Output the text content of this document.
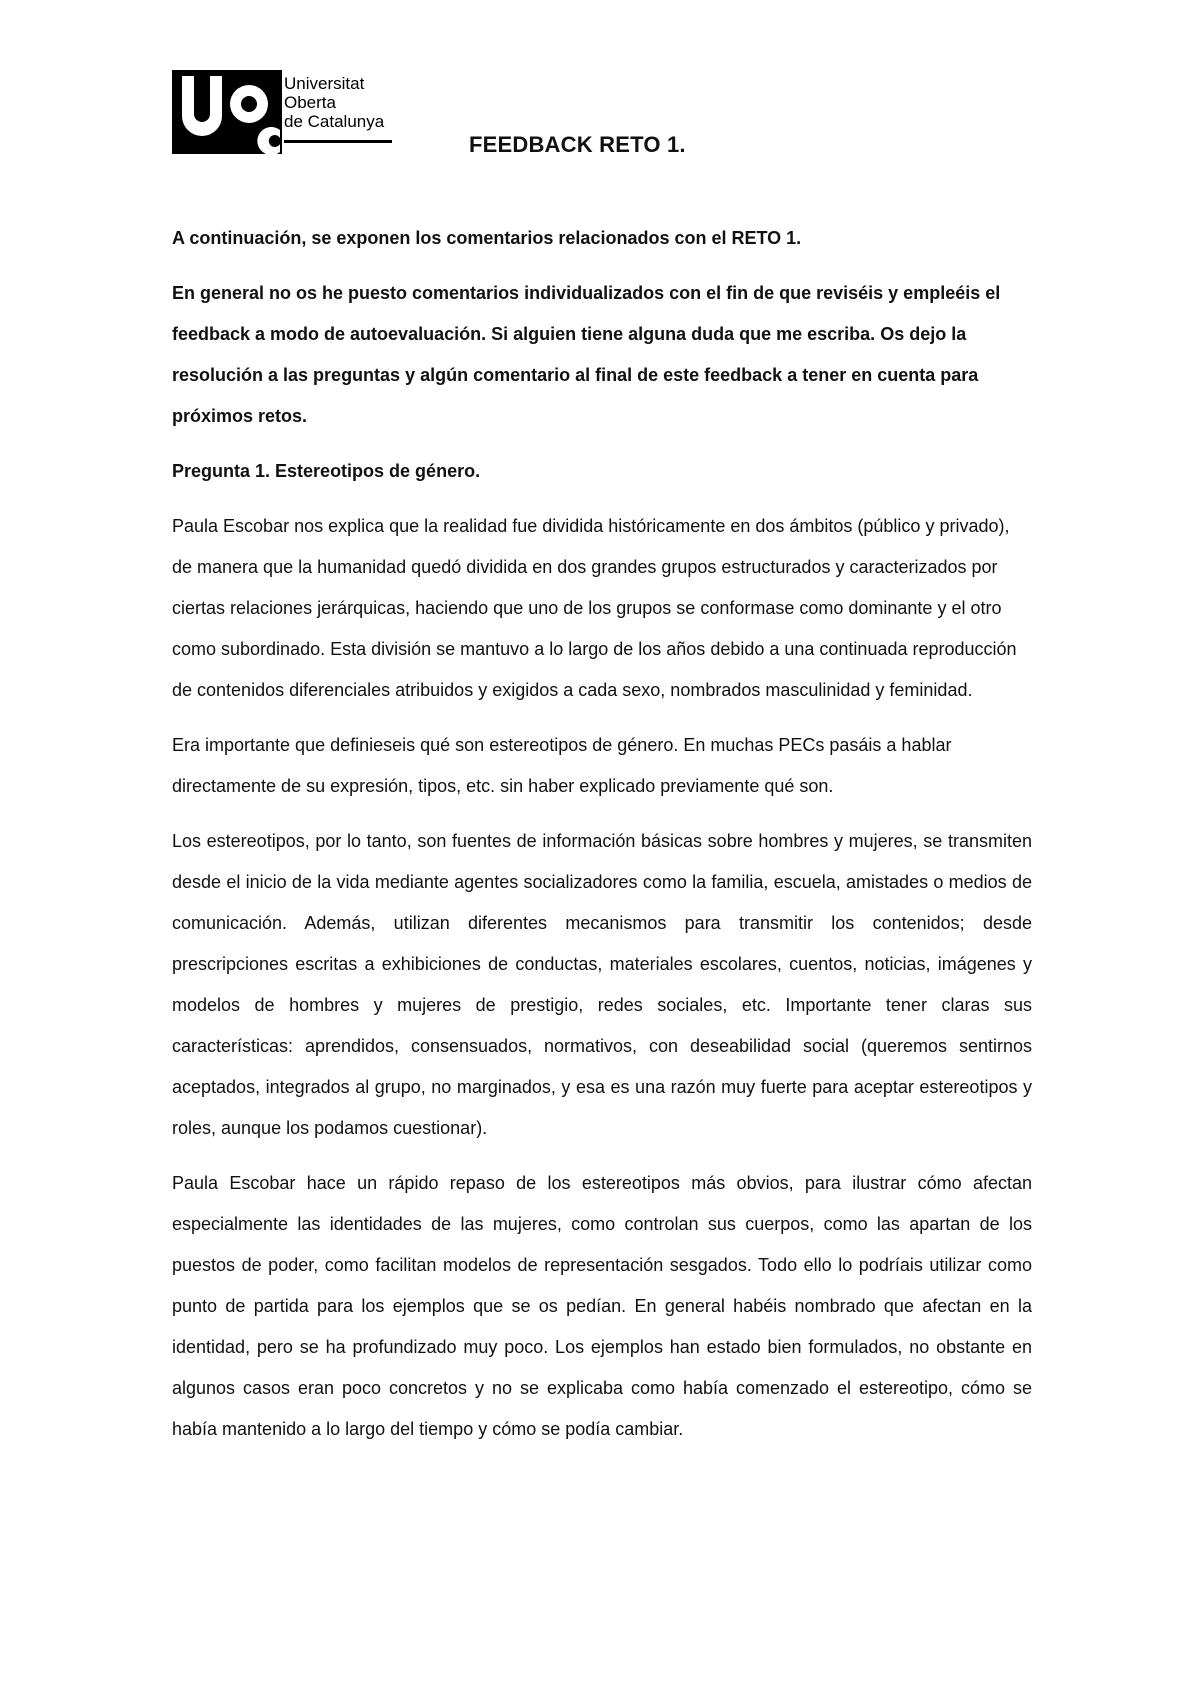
Universitat
Oberta
de Catalunya
FEEDBACK RETO 1.

A continuación, se exponen los comentarios relacionados con el RETO 1.

En general no os he puesto comentarios individualizados con el fin de que reviséis y empleéis el feedback a modo de autoevaluación. Si alguien tiene alguna duda que me escriba. Os dejo la resolución a las preguntas y algún comentario al final de este feedback a tener en cuenta para próximos retos.

Pregunta 1. Estereotipos de género.

Paula Escobar nos explica que la realidad fue dividida históricamente en dos ámbitos (público y privado), de manera que la humanidad quedó dividida en dos grandes grupos estructurados y caracterizados por ciertas relaciones jerárquicas, haciendo que uno de los grupos se conformase como dominante y el otro como subordinado. Esta división se mantuvo a lo largo de los años debido a una continuada reproducción de contenidos diferenciales atribuidos y exigidos a cada sexo, nombrados masculinidad y feminidad.

Era importante que definieseis qué son estereotipos de género. En muchas PECs pasáis a hablar directamente de su expresión, tipos, etc. sin haber explicado previamente qué son.

Los estereotipos, por lo tanto, son fuentes de información básicas sobre hombres y mujeres, se transmiten desde el inicio de la vida mediante agentes socializadores como la familia, escuela, amistades o medios de comunicación. Además, utilizan diferentes mecanismos para transmitir los contenidos; desde prescripciones escritas a exhibiciones de conductas, materiales escolares, cuentos, noticias, imágenes y modelos de hombres y mujeres de prestigio, redes sociales, etc. Importante tener claras sus características: aprendidos, consensuados, normativos, con deseabilidad social (queremos sentirnos aceptados, integrados al grupo, no marginados, y esa es una razón muy fuerte para aceptar estereotipos y roles, aunque los podamos cuestionar).

Paula Escobar hace un rápido repaso de los estereotipos más obvios, para ilustrar cómo afectan especialmente las identidades de las mujeres, como controlan sus cuerpos, como las apartan de los puestos de poder, como facilitan modelos de representación sesgados. Todo ello lo podríais utilizar como punto de partida para los ejemplos que se os pedían. En general habéis nombrado que afectan en la identidad, pero se ha profundizado muy poco. Los ejemplos han estado bien formulados, no obstante en algunos casos eran poco concretos y no se explicaba como había comenzado el estereotipo, cómo se había mantenido a lo largo del tiempo y cómo se podía cambiar.
